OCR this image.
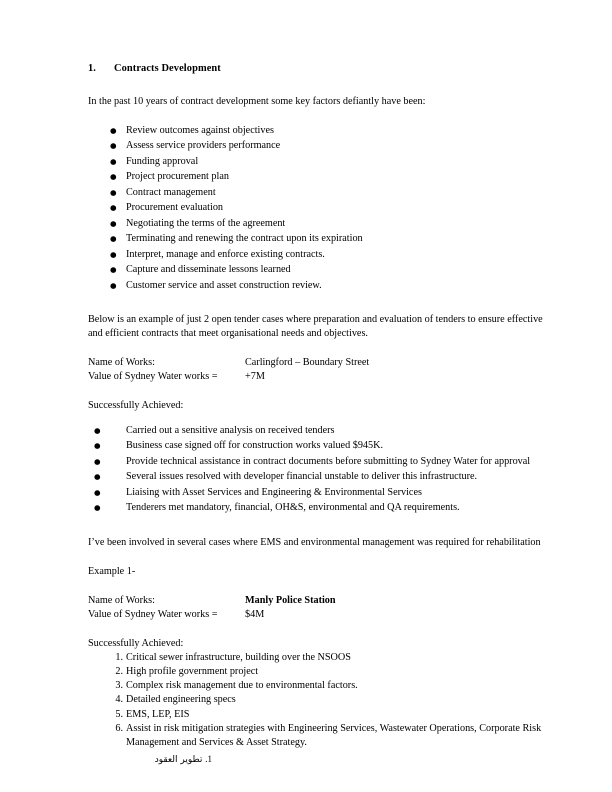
1.	Contracts Development

In the past 10 years of contract development some key factors defiantly have been:

● Review outcomes against objectives
● Assess service providers performance
● Funding approval
● Project procurement plan
● Contract management
● Procurement evaluation
● Negotiating the terms of the agreement
● Terminating and renewing the contract upon its expiration
● Interpret, manage and enforce existing contracts.
● Capture and disseminate lessons learned
● Customer service and asset construction review.

Below is an example of just 2 open tender cases where preparation and evaluation of tenders to ensure effective and efficient contracts that meet organisational needs and objectives.

Name of Works:	Carlingford – Boundary Street
Value of Sydney Water works =	+7M

Successfully Achieved:

● Carried out a sensitive analysis on received tenders
● Business case signed off for construction works valued $945K.
● Provide technical assistance in contract documents before submitting to Sydney Water for approval
● Several issues resolved with developer financial unstable to deliver this infrastructure.
● Liaising with Asset Services and Engineering & Environmental Services
● Tenderers met mandatory, financial, OH&S, environmental and QA requirements.

I’ve been involved in several cases where EMS and environmental management was required for rehabilitation

Example 1-

Name of Works:	Manly Police Station
Value of Sydney Water works =	$4M

Successfully Achieved:

1. Critical sewer infrastructure, building over the NSOOS
2. High profile government project
3. Complex risk management due to environmental factors.
4. Detailed engineering specs
5. EMS, LEP, EIS
6. Assist in risk mitigation strategies with Engineering Services, Wastewater Operations, Corporate Risk Management and Services & Asset Strategy.
1. تطوير العقود
